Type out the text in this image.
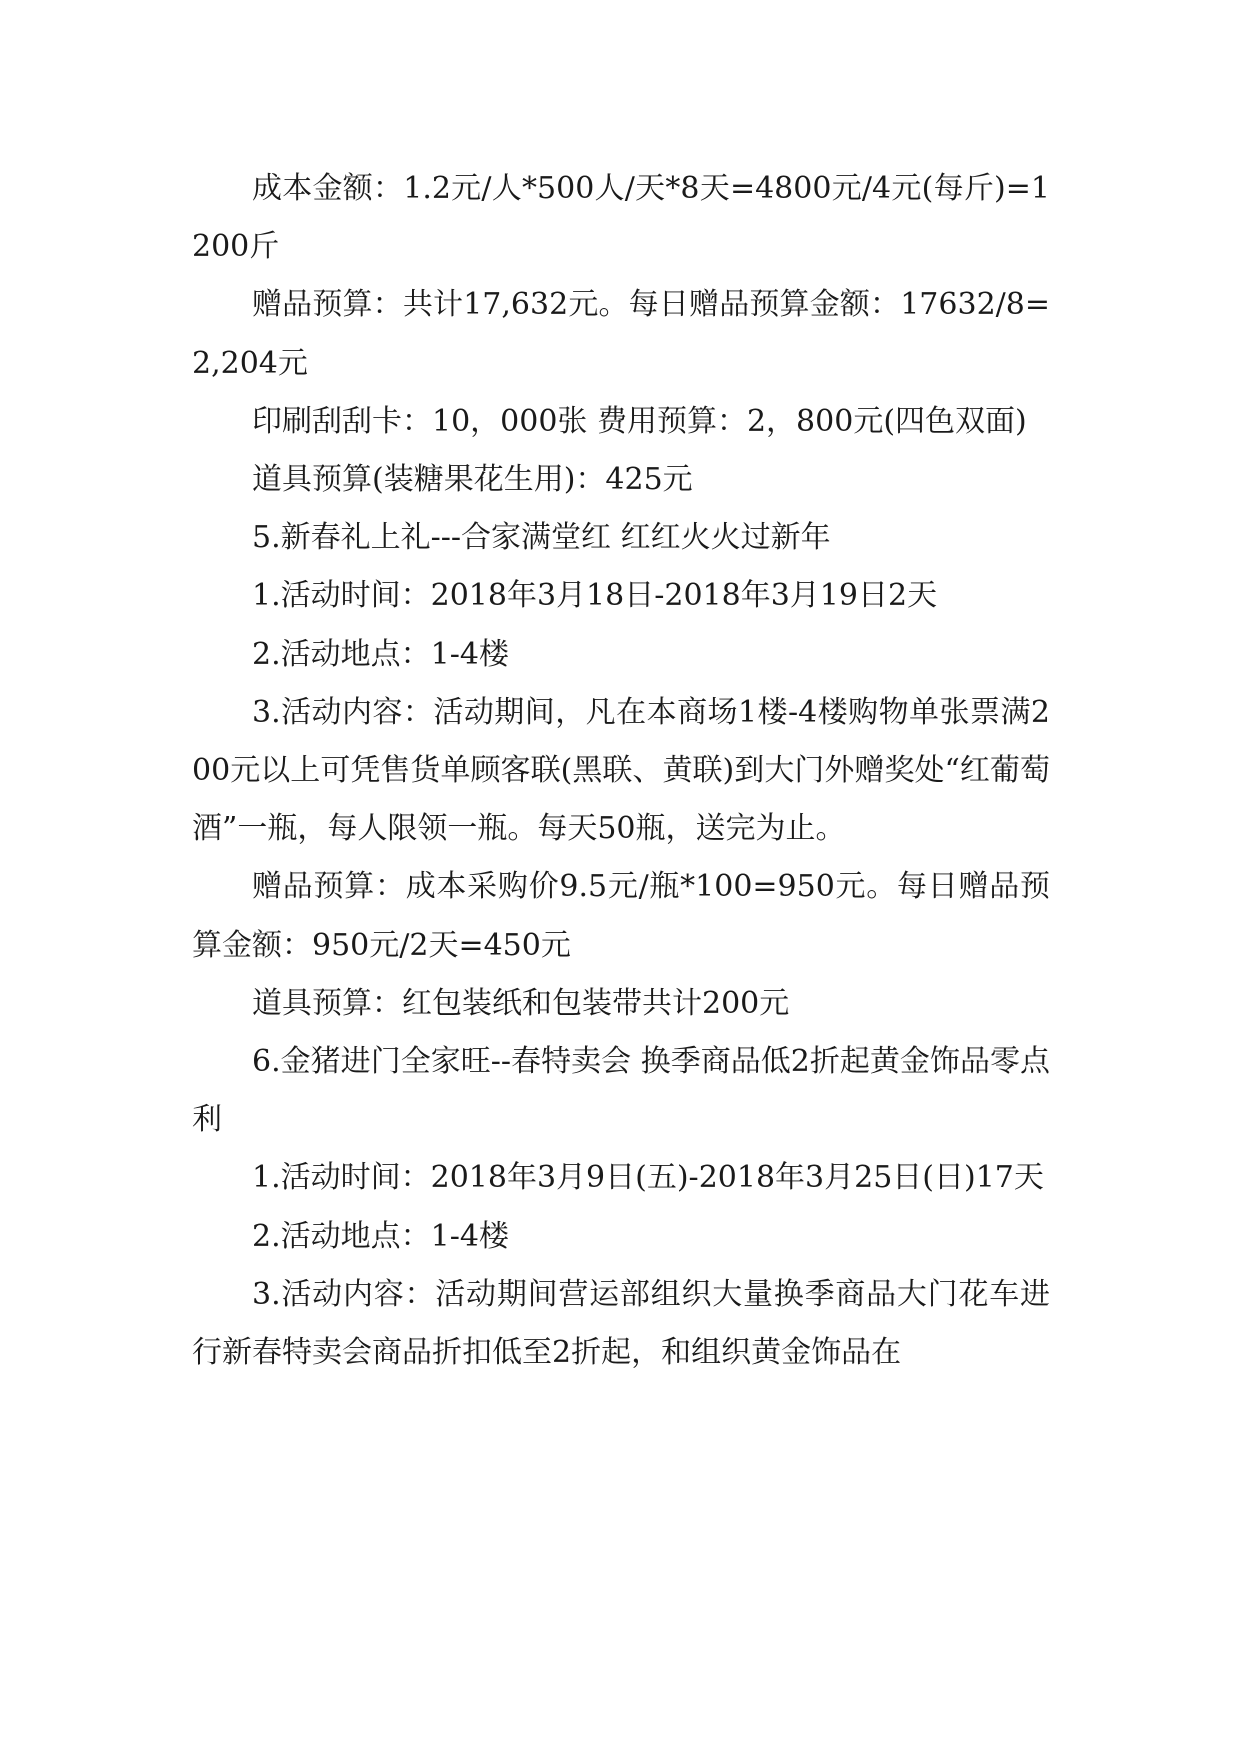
成本金额：1.2元/人*500人/天*8天=4800元/4元(每斤)=1200斤

赠品预算：共计17,632元。每日赠品预算金额：17632/8=2,204元

印刷刮刮卡：10，000张 费用预算：2，800元(四色双面)

道具预算(装糖果花生用)：425元

5.新春礼上礼---合家满堂红 红红火火过新年

1.活动时间：2018年3月18日-2018年3月19日2天

2.活动地点：1-4楼

3.活动内容：活动期间，凡在本商场1楼-4楼购物单张票满200元以上可凭售货单顾客联(黑联、黄联)到大门外赠奖处“红葡萄酒”一瓶，每人限领一瓶。每天50瓶，送完为止。

赠品预算：成本采购价9.5元/瓶*100=950元。每日赠品预算金额：950元/2天=450元

道具预算：红包装纸和包装带共计200元

6.金猪进门全家旺--春特卖会 换季商品低2折起黄金饰品零点利

1.活动时间：2018年3月9日(五)-2018年3月25日(日)17天

2.活动地点：1-4楼

3.活动内容：活动期间营运部组织大量换季商品大门花车进行新春特卖会商品折扣低至2折起，和组织黄金饰品在
